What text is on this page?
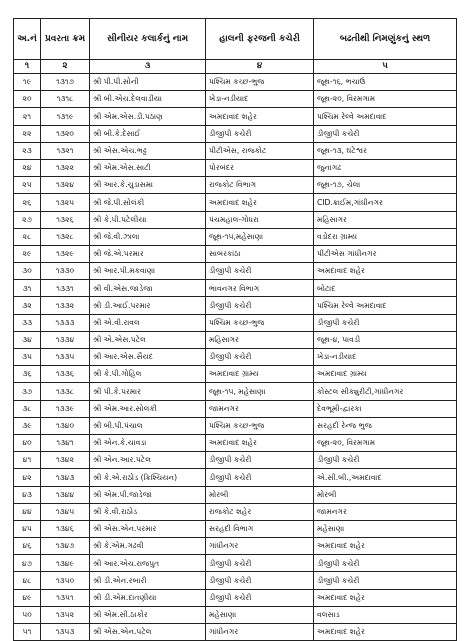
અ.નં	પ્રવરતા ક્રમ	સીનીયર કલાર્કનું નામ	હાલની ફરજની કચેરી	બઢતીથી નિમણુંકનું સ્થળ
૧	૨	૩	૪	૫
૧૯	૧૩૧૭	શ્રી પી.પી.સોની	પશ્ચિમ કચ્છ-ભુજ	જૂથ-૧૬, ભચાઉ
૨૦	૧૩૧૮	શ્રી બી.એચ.દેલવાડીયા	ખેડા-નડીયાદ	જૂથ-૨૦, વિરમગામ
૨૧	૧૩૧૯	શ્રી એમ.એસ.ડી.પઠાણ	અમદાવાદ શહેર	પશ્ચિમ રેલ્વે અમદાવાદ
૨૨	૧૩૨૦	શ્રી બી.કે.દેસાઈ	ડીજીપી કચેરી	ડીજીપી કચેરી
૨૩	૧૩૨૧	શ્રી એસ.એચ.ભટ્ટ	પીટીએસ, રાજકોટ	જૂથ-૧૩, ઘંટેશ્વર
૨૪	૧૩૨૨	શ્રી એમ.એસ.સાટી	પોરબંદર	જુનાગઢ
૨૫	૧૩૨૪	શ્રી આર.કે.ચુડાસમા	રાજકોટ વિભાગ	જૂથ-૧૭, ચેલા
૨૬	૧૩૨૫	શ્રી જે.પી.સોલંકી	અમદાવાદ શહેર	CID.ક્રાઈમ,ગાંધીનગર
૨૭	૧૩૨૬	શ્રી કે.પી.પટેલીયા	પંચમહાલ-ગોધરા	મહિસાગર
૨૮	૧૩૨૮	શ્રી જે.વી.ઝાલા	જૂથ-૧૫,મહેસાણા	વડોદરા ગ્રામ્ય
૨૯	૧૩૨૯	શ્રી જે.એ.પરમાર	સાબરકાંઠા	પીટીએસ ગાંધીનગર
૩૦	૧૩૩૦	શ્રી આર.પી.મકવાણા	ડીજીપી કચેરી	અમદાવાદ શહેર
૩૧	૧૩૩૧	શ્રી વી.એસ.જાડેજા	ભાવનગર વિભાગ	બોટાદ
૩૨	૧૩૩૨	શ્રી ડી.આઈ.પરમાર	ડીજીપી કચેરી	પશ્ચિમ રેલ્વે અમદાવાદ
૩૩	૧૩૩૩	શ્રી એ.વી.રાવલ	પશ્ચિમ કચ્છ-ભુજ	ડીજીપી કચેરી
૩૪	૧૩૩૪	શ્રી એ.એસ.પટેલ	મહિસાગર	જૂથ-૪, પાવડી
૩૫	૧૩૩૫	શ્રી આર.એસ.સૈયદ	ડીજીપી કચેરી	ખેડા-નડીયાદ
૩૬	૧૩૩૬	શ્રી કે.પી.ગોહિલ	અમદાવાદ ગ્રામ્ય	અમદાવાદ ગ્રામ્ય
૩૭	૧૩૩૮	શ્રી પી.કે.પરમાર	જૂથ-૧૫, મહેસાણા	કોસ્ટલ સીક્યુરીટી,ગાંધીનગર
૩૮	૧૩૩૯	શ્રી એમ.આર.સોલંકી	જામનગર	દેવભૂમી-દ્વારકા
૩૯	૧૩૪૦	શ્રી બી.પી.પંચાલ	પશ્ચિમ કચ્છ-ભુજ	સરહદી રેન્જ ભુજ
૪૦	૧૩૪૧	શ્રી એન.કે.ચાવડા	અમદાવાદ શહેર	જૂથ-૨૦, વિરમગામ
૪૧	૧૩૪૨	શ્રી એન.આર.પટેલ	ડીજીપી કચેરી	ડીજીપી કચેરી
૪૨	૧૩૪૩	શ્રી કે.એ.રાઠોડ (ક્રિશ્ચિયન)	ડીજીપી કચેરી	એ.સી.બી.,અમદાવાદ
૪૩	૧૩૪૪	શ્રી એમ.પી.જાડેજા	મોરબી	મોરબી
૪૪	૧૩૪૫	શ્રી કે.વી.રાઠોડ	રાજકોટ શહેર	જામનગર
૪૫	૧૩૪૬	શ્રી એસ.એન.પરમાર	સરહદી વિભાગ	મહેસાણા
૪૬	૧૩૪૭	શ્રી કે.એમ.ગઢવી	ગાંધીનગર	અમદાવાદ શહેર
૪૭	૧૩૪૯	શ્રી આર.એચ.રાજપુત	ડીજીપી કચેરી	ડીજીપી કચેરી
૪૮	૧૩૫૦	શ્રી ડી.એન.રબારી	ડીજીપી કચેરી	ડીજીપી કચેરી
૪૯	૧૩૫૧	શ્રી ડી.એમ.દાતણીયા	ડીજીપી કચેરી	અમદાવાદ શહેર
૫૦	૧૩૫૨	શ્રી એમ.સી.ઠાકોર	મહેસાણા	વલસાડ
૫૧	૧૩૫૩	શ્રી એસ.એન.પટેલ	ગાંધીનગર	અમદાવાદ શહેર
